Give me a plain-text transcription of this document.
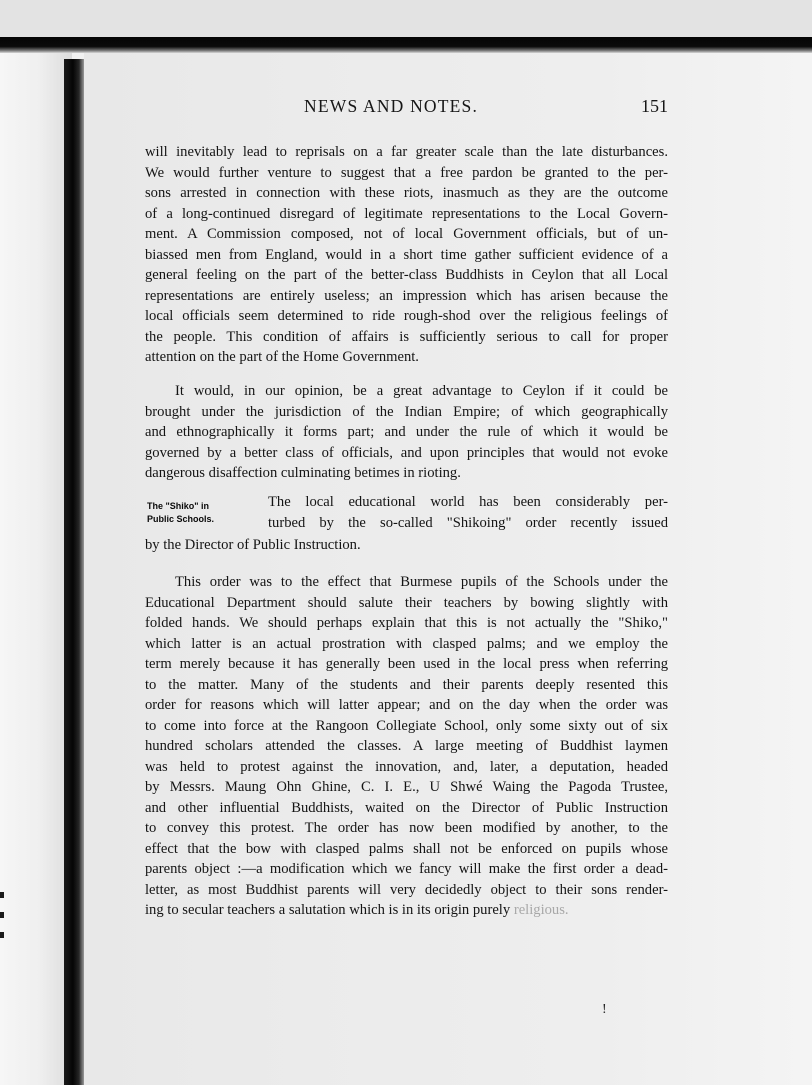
NEWS AND NOTES.	151
will inevitably lead to reprisals on a far greater scale than the late disturbances.
We would further venture to suggest that a free pardon be granted to the per-
sons arrested in connection with these riots, inasmuch as they are the outcome
of a long-continued disregard of legitimate representations to the Local Govern-
ment. A Commission composed, not of local Government officials, but of un-
biassed men from England, would in a short time gather sufficient evidence of a
general feeling on the part of the better-class Buddhists in Ceylon that all Local
representations are entirely useless; an impression which has arisen because the
local officials seem determined to ride rough-shod over the religious feelings of
the people. This condition of affairs is sufficiently serious to call for proper
attention on the part of the Home Government.
It would, in our opinion, be a great advantage to Ceylon if it could be
brought under the jurisdiction of the Indian Empire; of which geographically
and ethnographically it forms part; and under the rule of which it would be
governed by a better class of officials, and upon principles that would not evoke
dangerous disaffection culminating betimes in rioting.
The "Shiko" in
Public Schools.
The local educational world has been considerably per-
turbed by the so-called "Shikoing" order recently issued
by the Director of Public Instruction.
This order was to the effect that Burmese pupils of the Schools under the
Educational Department should salute their teachers by bowing slightly with
folded hands. We should perhaps explain that this is not actually the "Shiko,"
which latter is an actual prostration with clasped palms; and we employ the
term merely because it has generally been used in the local press when referring
to the matter. Many of the students and their parents deeply resented this
order for reasons which will latter appear; and on the day when the order was
to come into force at the Rangoon Collegiate School, only some sixty out of six
hundred scholars attended the classes. A large meeting of Buddhist laymen
was held to protest against the innovation, and, later, a deputation, headed
by Messrs. Maung Ohn Ghine, C. I. E., U Shwé Waing the Pagoda Trustee,
and other influential Buddhists, waited on the Director of Public Instruction
to convey this protest. The order has now been modified by another, to the
effect that the bow with clasped palms shall not be enforced on pupils whose
parents object :—a modification which we fancy will make the first order a dead-
letter, as most Buddhist parents will very decidedly object to their sons render-
ing to secular teachers a salutation which is in its origin purely religious.
!
